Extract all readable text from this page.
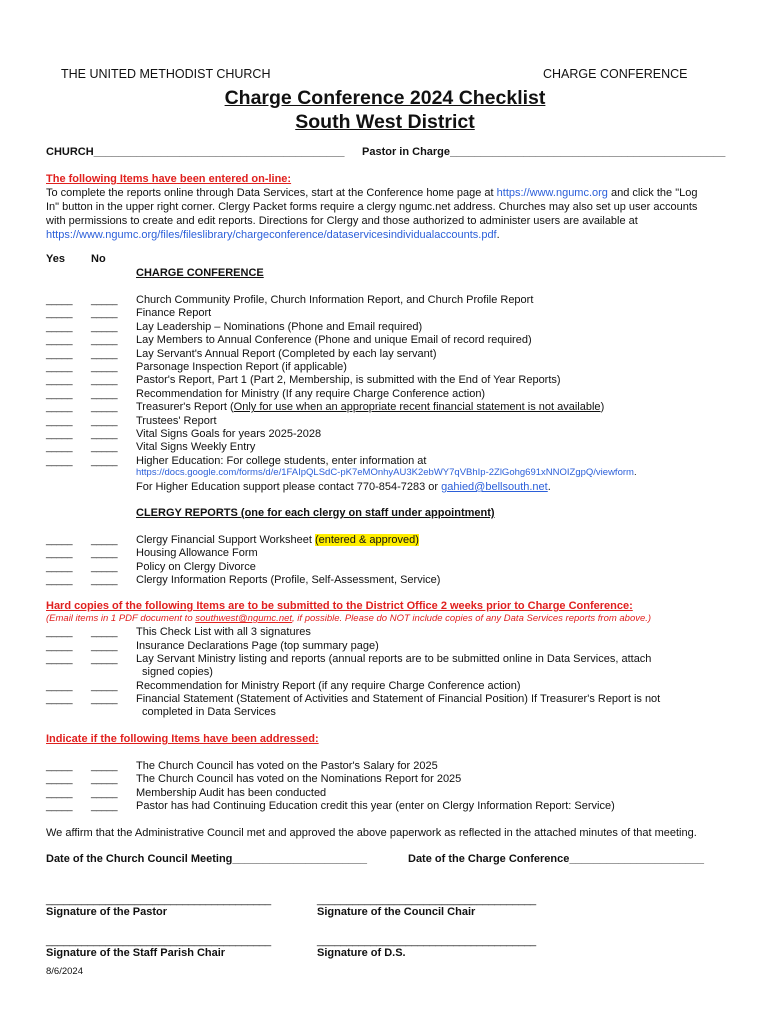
THE UNITED METHODIST CHURCH	CHARGE CONFERENCE
Charge Conference 2024 Checklist
South West District
CHURCH_________________________________________ Pastor in Charge_____________________________________________
The following Items have been entered on-line:
To complete the reports online through Data Services, start at the Conference home page at https://www.ngumc.org and click the "Log
In" button in the upper right corner. Clergy Packet forms require a clergy ngumc.net address. Churches may also set up user accounts
with permissions to create and edit reports. Directions for Clergy and those authorized to administer users are available at
https://www.ngumc.org/files/fileslibrary/chargeconference/dataservicesindividualaccounts.pdf.
Yes No
CHARGE CONFERENCE
_____ _____ Church Community Profile, Church Information Report, and Church Profile Report
_____ _____ Finance Report
_____ _____ Lay Leadership – Nominations (Phone and Email required)
_____ _____ Lay Members to Annual Conference (Phone and unique Email of record required)
_____ _____ Lay Servant's Annual Report (Completed by each lay servant)
_____ _____ Parsonage Inspection Report (if applicable)
_____ _____ Pastor's Report, Part 1 (Part 2, Membership, is submitted with the End of Year Reports)
_____ _____ Recommendation for Ministry (If any require Charge Conference action)
_____ _____ Treasurer's Report (Only for use when an appropriate recent financial statement is not available)
_____ _____ Trustees' Report
_____ _____ Vital Signs Goals for years 2025-2028
_____ _____ Vital Signs Weekly Entry
_____ _____ Higher Education: For college students, enter information at
https://docs.google.com/forms/d/e/1FAIpQLSdC-pK7eMOnhyAU3K2ebWY7qVBhIp-2ZlGohg691xNNOIZgpQ/viewform.
For Higher Education support please contact 770-854-7283 or gahied@bellsouth.net.
CLERGY REPORTS (one for each clergy on staff under appointment)
_____ _____ Clergy Financial Support Worksheet (entered & approved)
_____ _____ Housing Allowance Form
_____ _____ Policy on Clergy Divorce
_____ _____ Clergy Information Reports (Profile, Self-Assessment, Service)
Hard copies of the following Items are to be submitted to the District Office 2 weeks prior to Charge Conference:
(Email items in 1 PDF document to southwest@ngumc.net, if possible. Please do NOT include copies of any Data Services reports from above.)
_____ _____ This Check List with all 3 signatures
_____ _____ Insurance Declarations Page (top summary page)
_____ _____ Lay Servant Ministry listing and reports (annual reports are to be submitted online in Data Services, attach
_____ _____ Recommendation for Ministry Report (if any require Charge Conference action)
_____ _____ Financial Statement (Statement of Activities and Statement of Financial Position) If Treasurer's Report is not
signed copies)
completed in Data Services
Indicate if the following Items have been addressed:
_____ _____ The Church Council has voted on the Pastor's Salary for 2025
_____ _____ The Church Council has voted on the Nominations Report for 2025
_____ _____ Membership Audit has been conducted
_____ _____ Pastor has had Continuing Education credit this year (enter on Clergy Information Report: Service)
We affirm that the Administrative Council met and approved the above paperwork as reflected in the attached minutes of that meeting.
Date of the Church Council Meeting______________________	Date of the Charge Conference______________________
______________________________________
Signature of the Pastor
_____________________________________
Signature of the Council Chair
______________________________________
Signature of the Staff Parish Chair
_____________________________________
Signature of D.S.
8/6/2024
